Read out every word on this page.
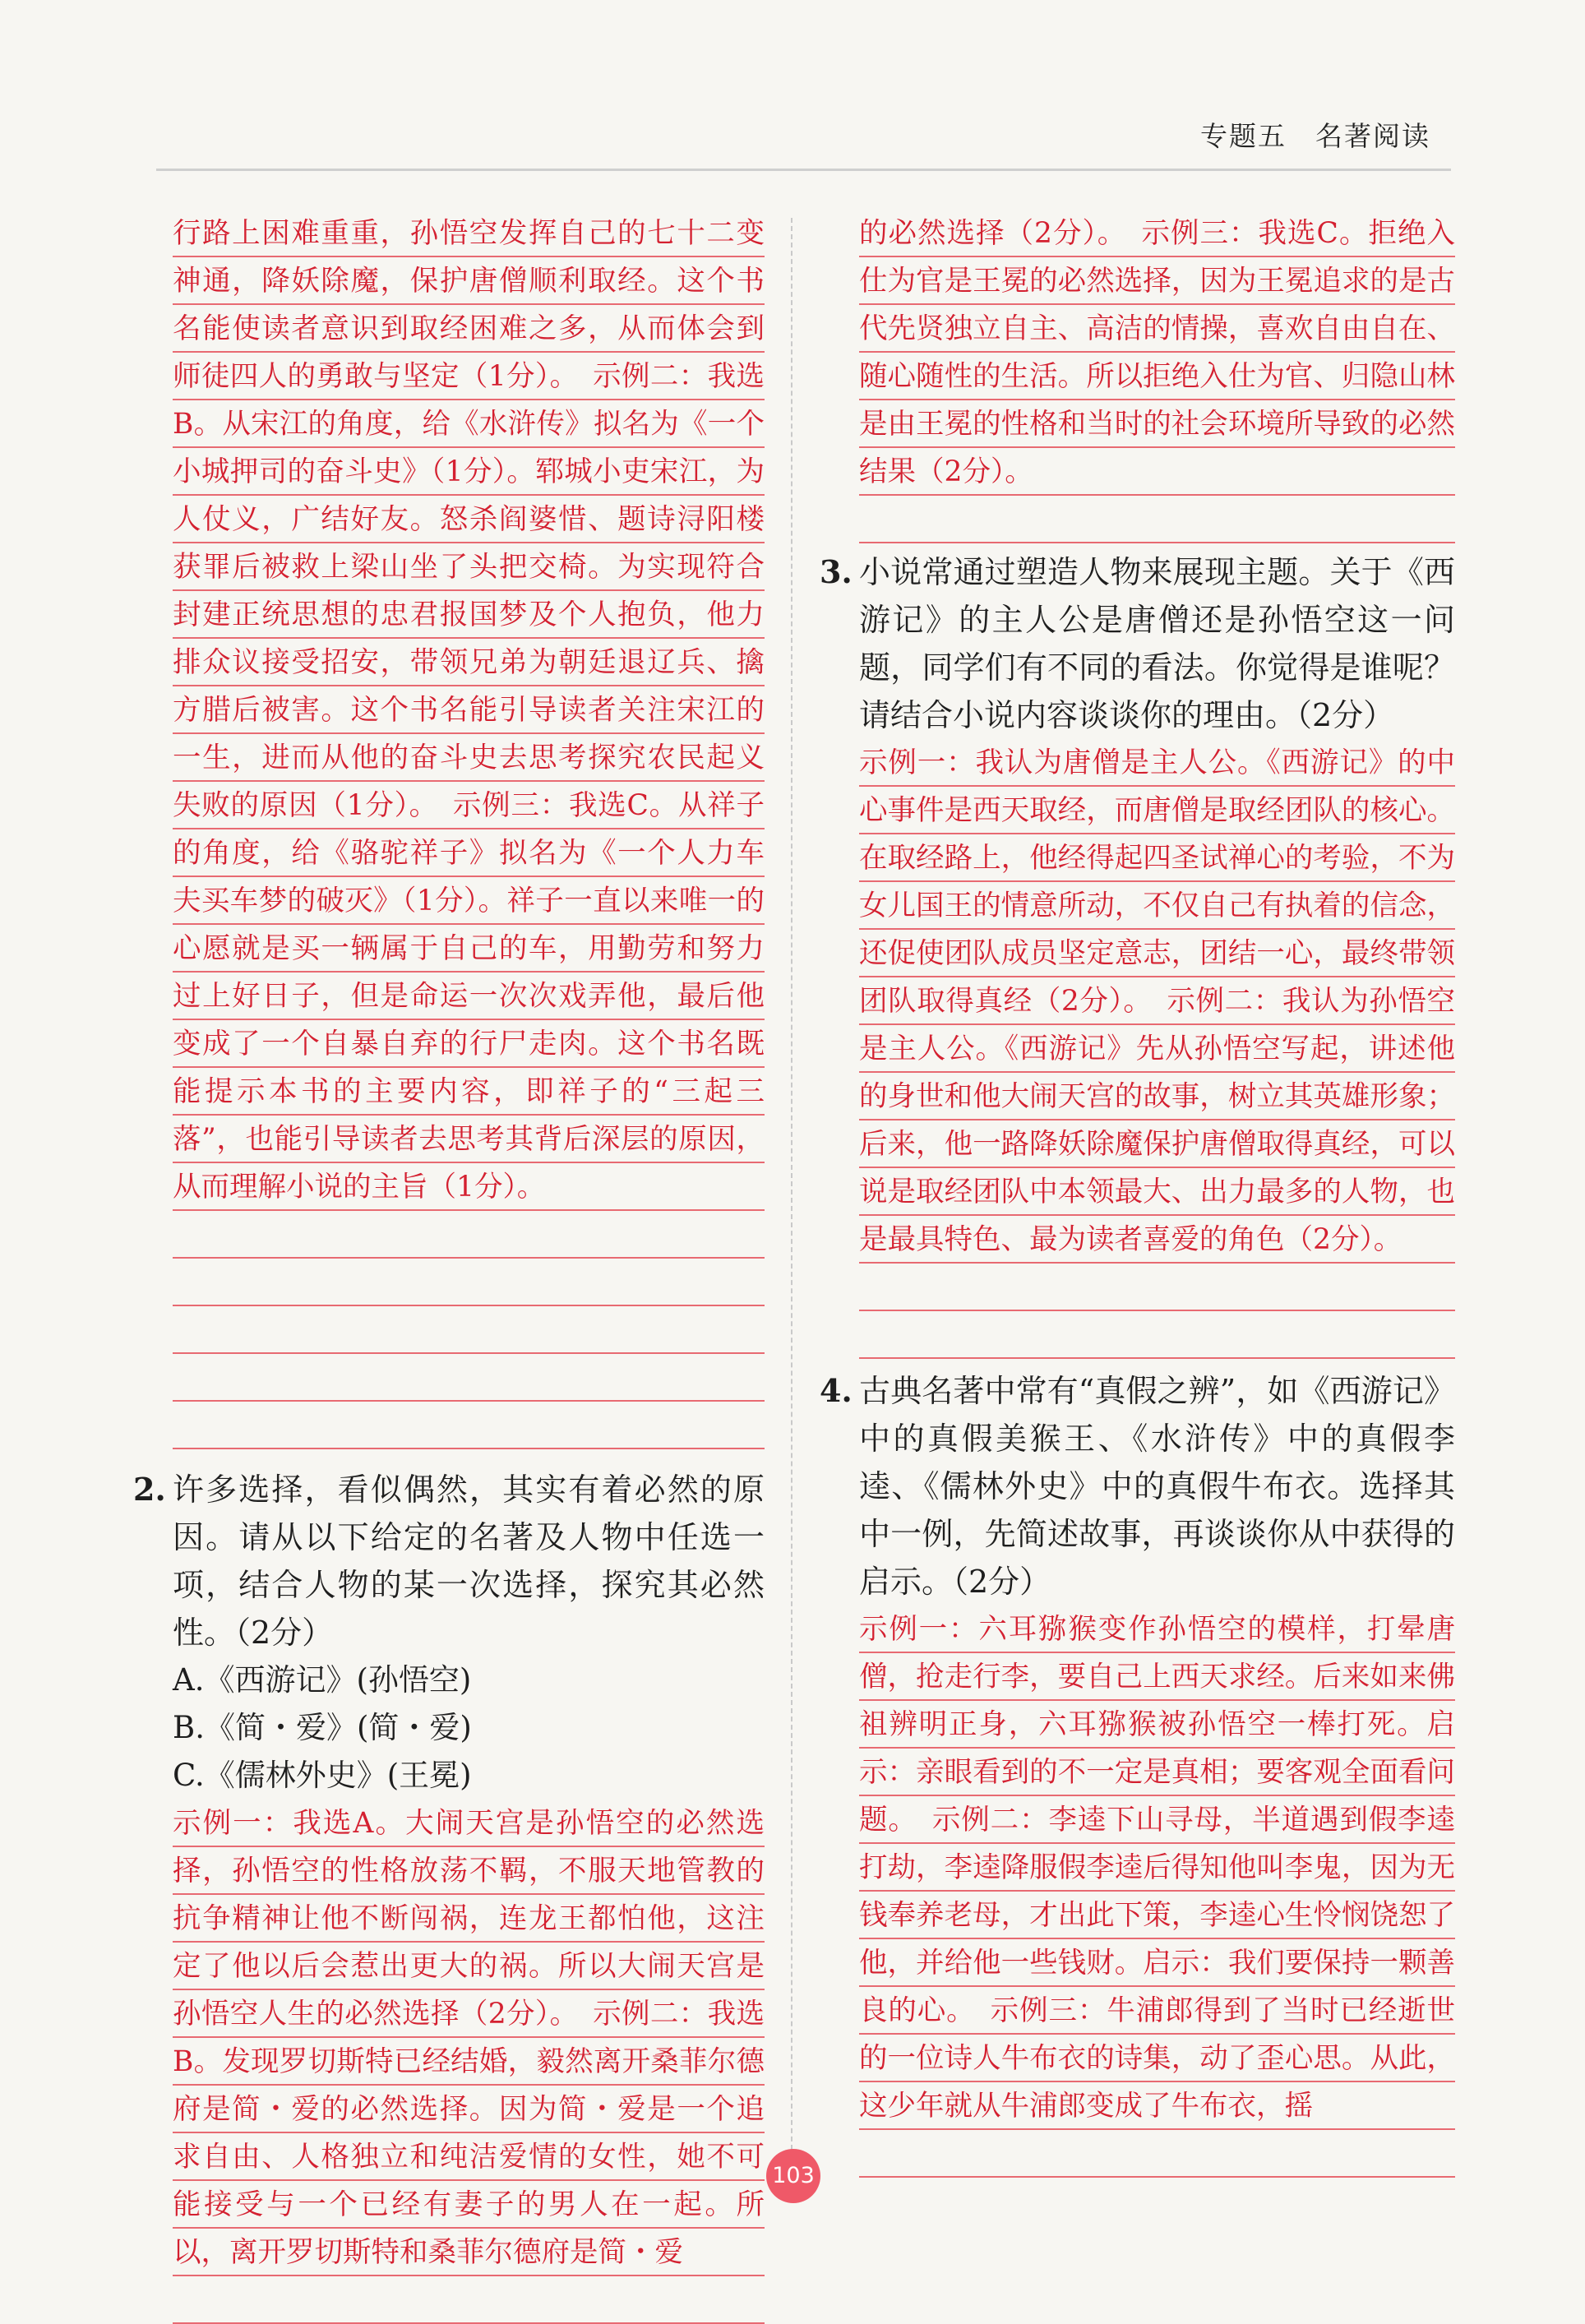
专题五　名著阅读
行路上困难重重，孙悟空发挥自己的七十二变神通，降妖除魔，保护唐僧顺利取经。这个书名能使读者意识到取经困难之多，从而体会到师徒四人的勇敢与坚定（1分）。　示例二：我选B。从宋江的角度，给《水浒传》拟名为《一个小城押司的奋斗史》（1分）。郓城小吏宋江，为人仗义，广结好友。怒杀阎婆惜、题诗浔阳楼获罪后被救上梁山坐了头把交椅。为实现符合封建正统思想的忠君报国梦及个人抱负，他力排众议接受招安，带领兄弟为朝廷退辽兵、擒方腊后被害。这个书名能引导读者关注宋江的一生，进而从他的奋斗史去思考探究农民起义失败的原因（1分）。　示例三：我选C。从祥子的角度，给《骆驼祥子》拟名为《一个人力车夫买车梦的破灭》（1分）。祥子一直以来唯一的心愿就是买一辆属于自己的车，用勤劳和努力过上好日子，但是命运一次次戏弄他，最后他变成了一个自暴自弃的行尸走肉。这个书名既能提示本书的主要内容，即祥子的“三起三落”，也能引导读者去思考其背后深层的原因，从而理解小说的主旨（1分）。
2. 许多选择，看似偶然，其实有着必然的原因。请从以下给定的名著及人物中任选一项，结合人物的某一次选择，探究其必然性。（2分）
A.《西游记》(孙悟空)
B.《简・爱》(简・爱)
C.《儒林外史》(王冕)
示例一：我选A。大闹天宫是孙悟空的必然选择，孙悟空的性格放荡不羁，不服天地管教的抗争精神让他不断闯祸，连龙王都怕他，这注定了他以后会惹出更大的祸。所以大闹天宫是孙悟空人生的必然选择（2分）。　示例二：我选B。发现罗切斯特已经结婚，毅然离开桑菲尔德府是简・爱的必然选择。因为简・爱是一个追求自由、人格独立和纯洁爱情的女性，她不可能接受与一个已经有妻子的男人在一起。所以，离开罗切斯特和桑菲尔德府是简・爱
的必然选择（2分）。　示例三：我选C。拒绝入仕为官是王冕的必然选择，因为王冕追求的是古代先贤独立自主、高洁的情操，喜欢自由自在、随心随性的生活。所以拒绝入仕为官、归隐山林是由王冕的性格和当时的社会环境所导致的必然结果（2分）。
3. 小说常通过塑造人物来展现主题。关于《西游记》的主人公是唐僧还是孙悟空这一问题，同学们有不同的看法。你觉得是谁呢？请结合小说内容谈谈你的理由。（2分）
示例一：我认为唐僧是主人公。《西游记》的中心事件是西天取经，而唐僧是取经团队的核心。在取经路上，他经得起四圣试禅心的考验，不为女儿国王的情意所动，不仅自己有执着的信念，还促使团队成员坚定意志，团结一心，最终带领团队取得真经（2分）。　示例二：我认为孙悟空是主人公。《西游记》先从孙悟空写起，讲述他的身世和他大闹天宫的故事，树立其英雄形象；后来，他一路降妖除魔保护唐僧取得真经，可以说是取经团队中本领最大、出力最多的人物，也是最具特色、最为读者喜爱的角色（2分）。
4. 古典名著中常有“真假之辨”，如《西游记》中的真假美猴王、《水浒传》中的真假李逵、《儒林外史》中的真假牛布衣。选择其中一例，先简述故事，再谈谈你从中获得的启示。（2分）
示例一：六耳猕猴变作孙悟空的模样，打晕唐僧，抢走行李，要自己上西天求经。后来如来佛祖辨明正身，六耳猕猴被孙悟空一棒打死。启示：亲眼看到的不一定是真相；要客观全面看问题。　示例二：李逵下山寻母，半道遇到假李逵打劫，李逵降服假李逵后得知他叫李鬼，因为无钱奉养老母，才出此下策，李逵心生怜悯饶恕了他，并给他一些钱财。启示：我们要保持一颗善良的心。　示例三：牛浦郎得到了当时已经逝世的一位诗人牛布衣的诗集，动了歪心思。从此，这少年就从牛浦郎变成了牛布衣，摇
103
